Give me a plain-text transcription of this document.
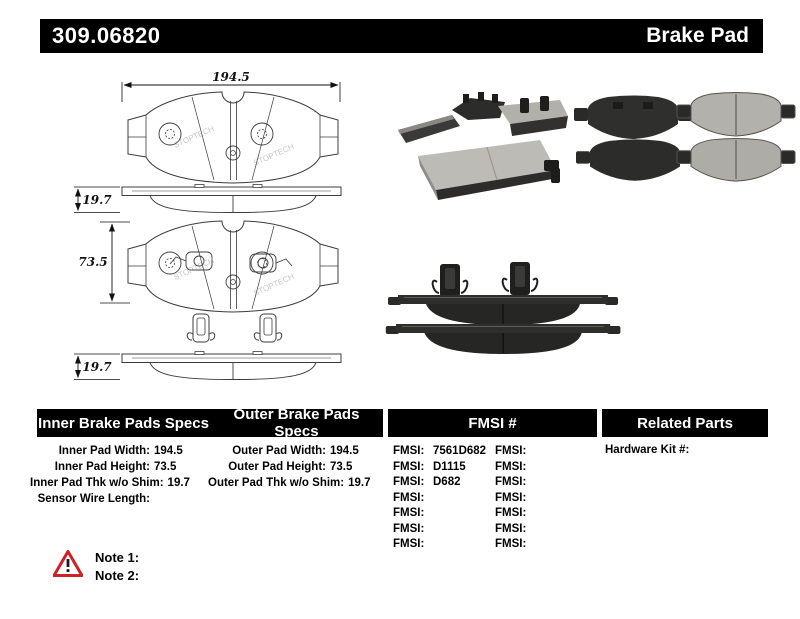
309.06820	Brake Pad
194.5
STOPTECH
STOPTECH
19.7
STOPTECH
STOPTECH
73.5
19.7
Inner Brake Pads Specs	Outer Brake Pads Specs	FMSI #	Related Parts
Inner Pad Width: 194.5
Inner Pad Height: 73.5
Inner Pad Thk w/o Shim: 19.7
Sensor Wire Length:
Outer Pad Width: 194.5
Outer Pad Height: 73.5
Outer Pad Thk w/o Shim: 19.7
FMSI: 7561D682
FMSI: D1115
FMSI: D682
FMSI:
FMSI:
FMSI:
FMSI:
FMSI:
FMSI:
FMSI:
FMSI:
FMSI:
FMSI:
FMSI:
Hardware Kit #:
Note 1:
Note 2:
